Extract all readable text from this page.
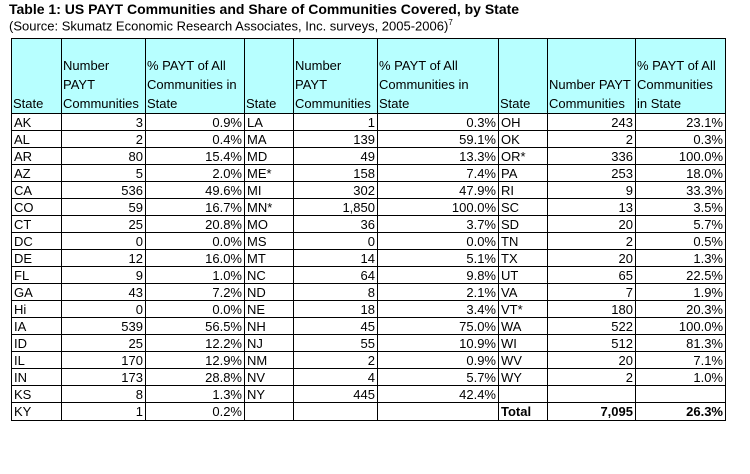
Table 1: US PAYT Communities and Share of Communities Covered, by State
(Source: Skumatz Economic Research Associates, Inc. surveys, 2005-2006)$^7$
State	Number PAYT Communities	% PAYT of All Communities in State	State	Number PAYT Communities	% PAYT of All Communities in State	State	Number PAYT Communities	% PAYT of All Communities in State
AK	3	0.9%	LA	1	0.3%	OH	243	23.1%
AL	2	0.4%	MA	139	59.1%	OK	2	0.3%
AR	80	15.4%	MD	49	13.3%	OR*	336	100.0%
AZ	5	2.0%	ME*	158	7.4%	PA	253	18.0%
CA	536	49.6%	MI	302	47.9%	RI	9	33.3%
CO	59	16.7%	MN*	1,850	100.0%	SC	13	3.5%
CT	25	20.8%	MO	36	3.7%	SD	20	5.7%
DC	0	0.0%	MS	0	0.0%	TN	2	0.5%
DE	12	16.0%	MT	14	5.1%	TX	20	1.3%
FL	9	1.0%	NC	64	9.8%	UT	65	22.5%
GA	43	7.2%	ND	8	2.1%	VA	7	1.9%
Hi	0	0.0%	NE	18	3.4%	VT*	180	20.3%
IA	539	56.5%	NH	45	75.0%	WA	522	100.0%
ID	25	12.2%	NJ	55	10.9%	WI	512	81.3%
IL	170	12.9%	NM	2	0.9%	WV	20	7.1%
IN	173	28.8%	NV	4	5.7%	WY	2	1.0%
KS	8	1.3%	NY	445	42.4%			
KY	1	0.2%				Total	7,095	26.3%
